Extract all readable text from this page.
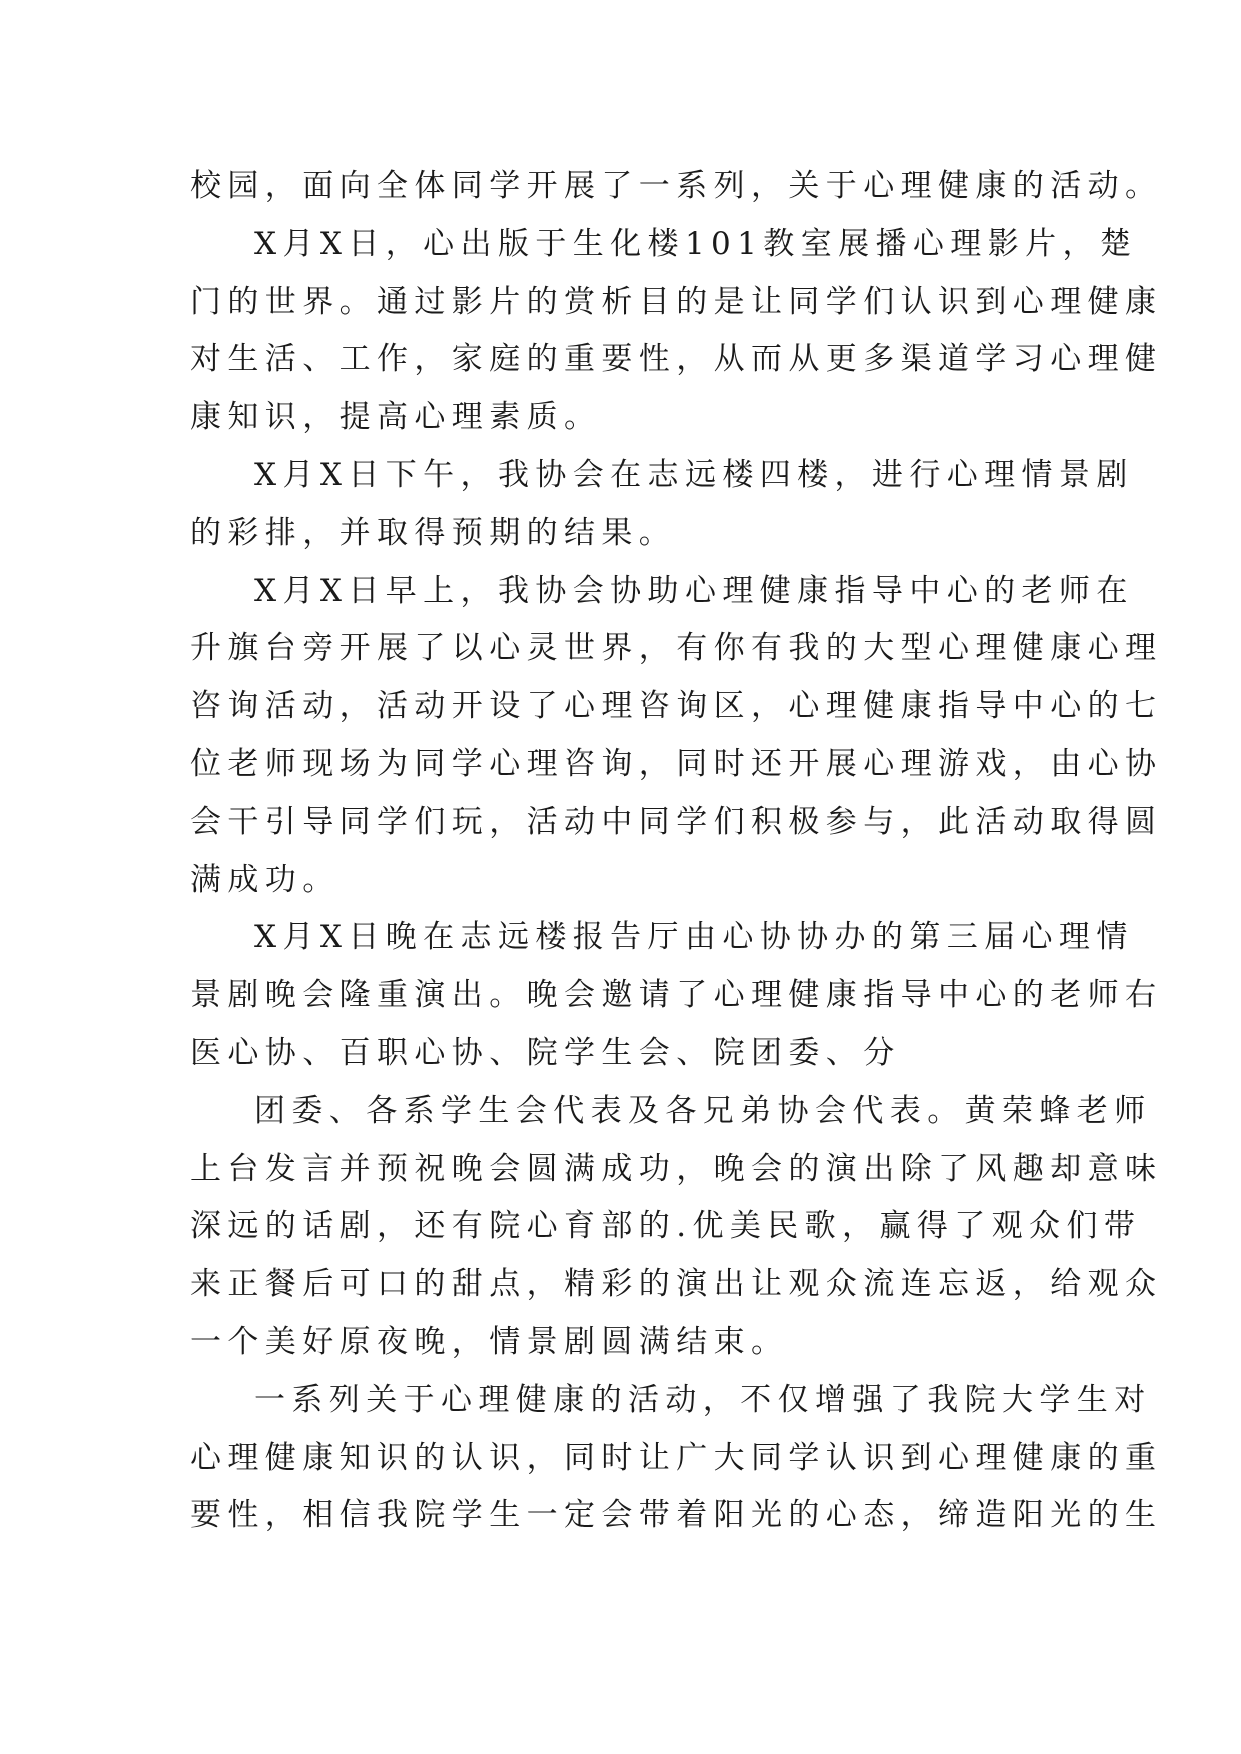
校园，面向全体同学开展了一系列，关于心理健康的活动。
X月X日，心出版于生化楼101教室展播心理影片，楚
门的世界。通过影片的赏析目的是让同学们认识到心理健康
对生活、工作，家庭的重要性，从而从更多渠道学习心理健
康知识，提高心理素质。
X月X日下午，我协会在志远楼四楼，进行心理情景剧
的彩排，并取得预期的结果。
X月X日早上，我协会协助心理健康指导中心的老师在
升旗台旁开展了以心灵世界，有你有我的大型心理健康心理
咨询活动，活动开设了心理咨询区，心理健康指导中心的七
位老师现场为同学心理咨询，同时还开展心理游戏，由心协
会干引导同学们玩，活动中同学们积极参与，此活动取得圆
满成功。
X月X日晚在志远楼报告厅由心协协办的第三届心理情
景剧晚会隆重演出。晚会邀请了心理健康指导中心的老师右
医心协、百职心协、院学生会、院团委、分
团委、各系学生会代表及各兄弟协会代表。黄荣蜂老师
上台发言并预祝晚会圆满成功，晚会的演出除了风趣却意味
深远的话剧，还有院心育部的.优美民歌，赢得了观众们带
来正餐后可口的甜点，精彩的演出让观众流连忘返，给观众
一个美好原夜晚，情景剧圆满结束。
一系列关于心理健康的活动，不仅增强了我院大学生对
心理健康知识的认识，同时让广大同学认识到心理健康的重
要性，相信我院学生一定会带着阳光的心态，缔造阳光的生
